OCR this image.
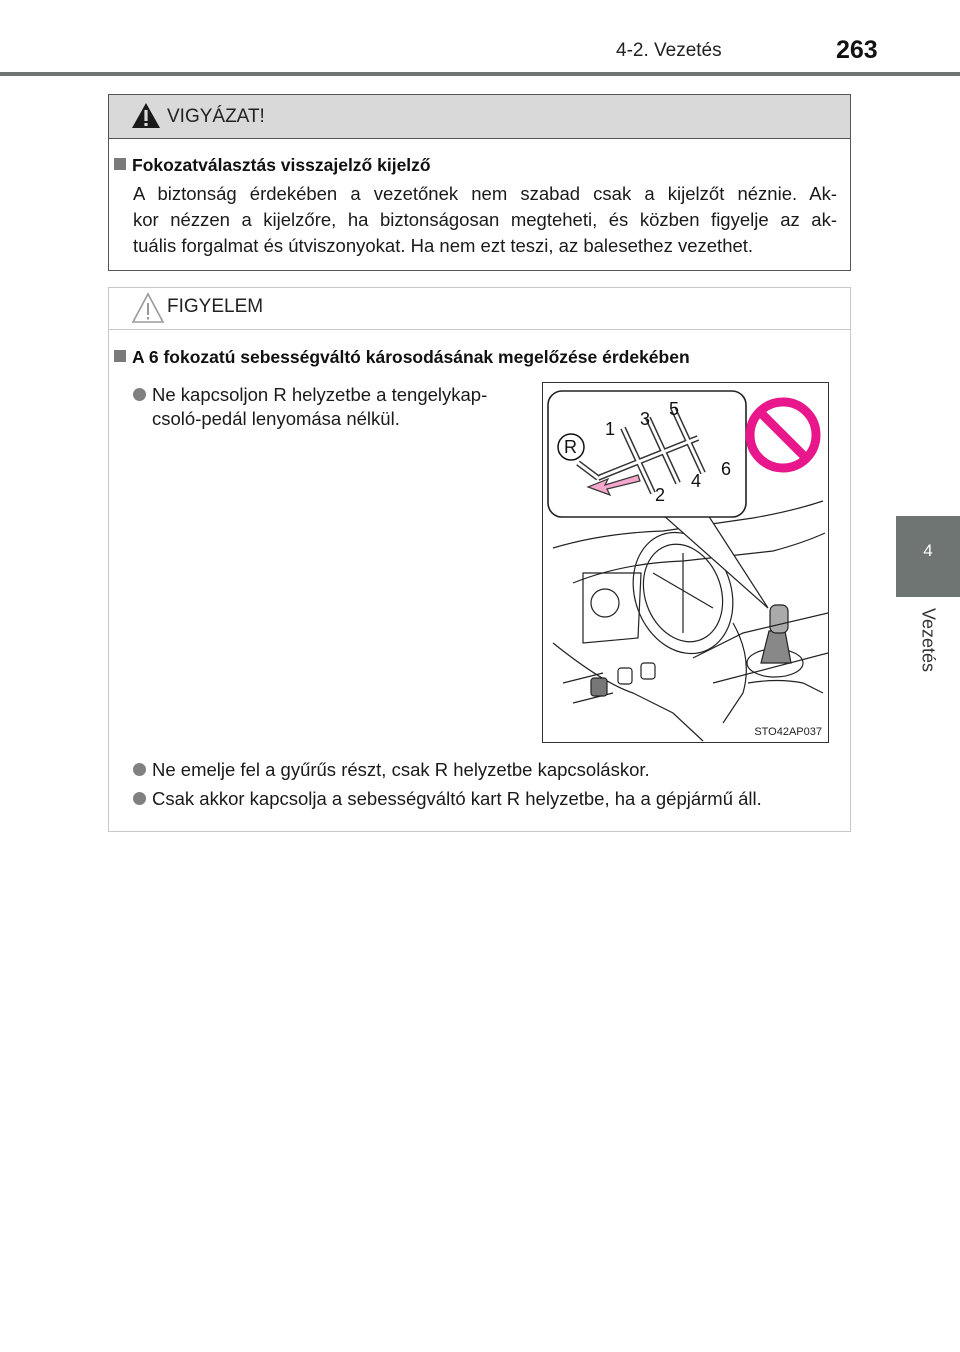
4-2. Vezetés	263
4
Vezetés
VIGYÁZAT!
Fokozatválasztás visszajelző kijelző
A biztonság érdekében a vezetőnek nem szabad csak a kijelzőt néznie. Ak-
kor nézzen a kijelzőre, ha biztonságosan megteheti, és közben figyelje az ak-
tuális forgalmat és útviszonyokat. Ha nem ezt teszi, az balesethez vezethet.
FIGYELEM
A 6 fokozatú sebességváltó károsodásának megelőzése érdekében
Ne kapcsoljon R helyzetbe a tengelykap-
csoló-pedál lenyomása nélkül.
R
1
2
3
4
5
6
STO42AP037
Ne emelje fel a gyűrűs részt, csak R helyzetbe kapcsoláskor.
Csak akkor kapcsolja a sebességváltó kart R helyzetbe, ha a gépjármű áll.
